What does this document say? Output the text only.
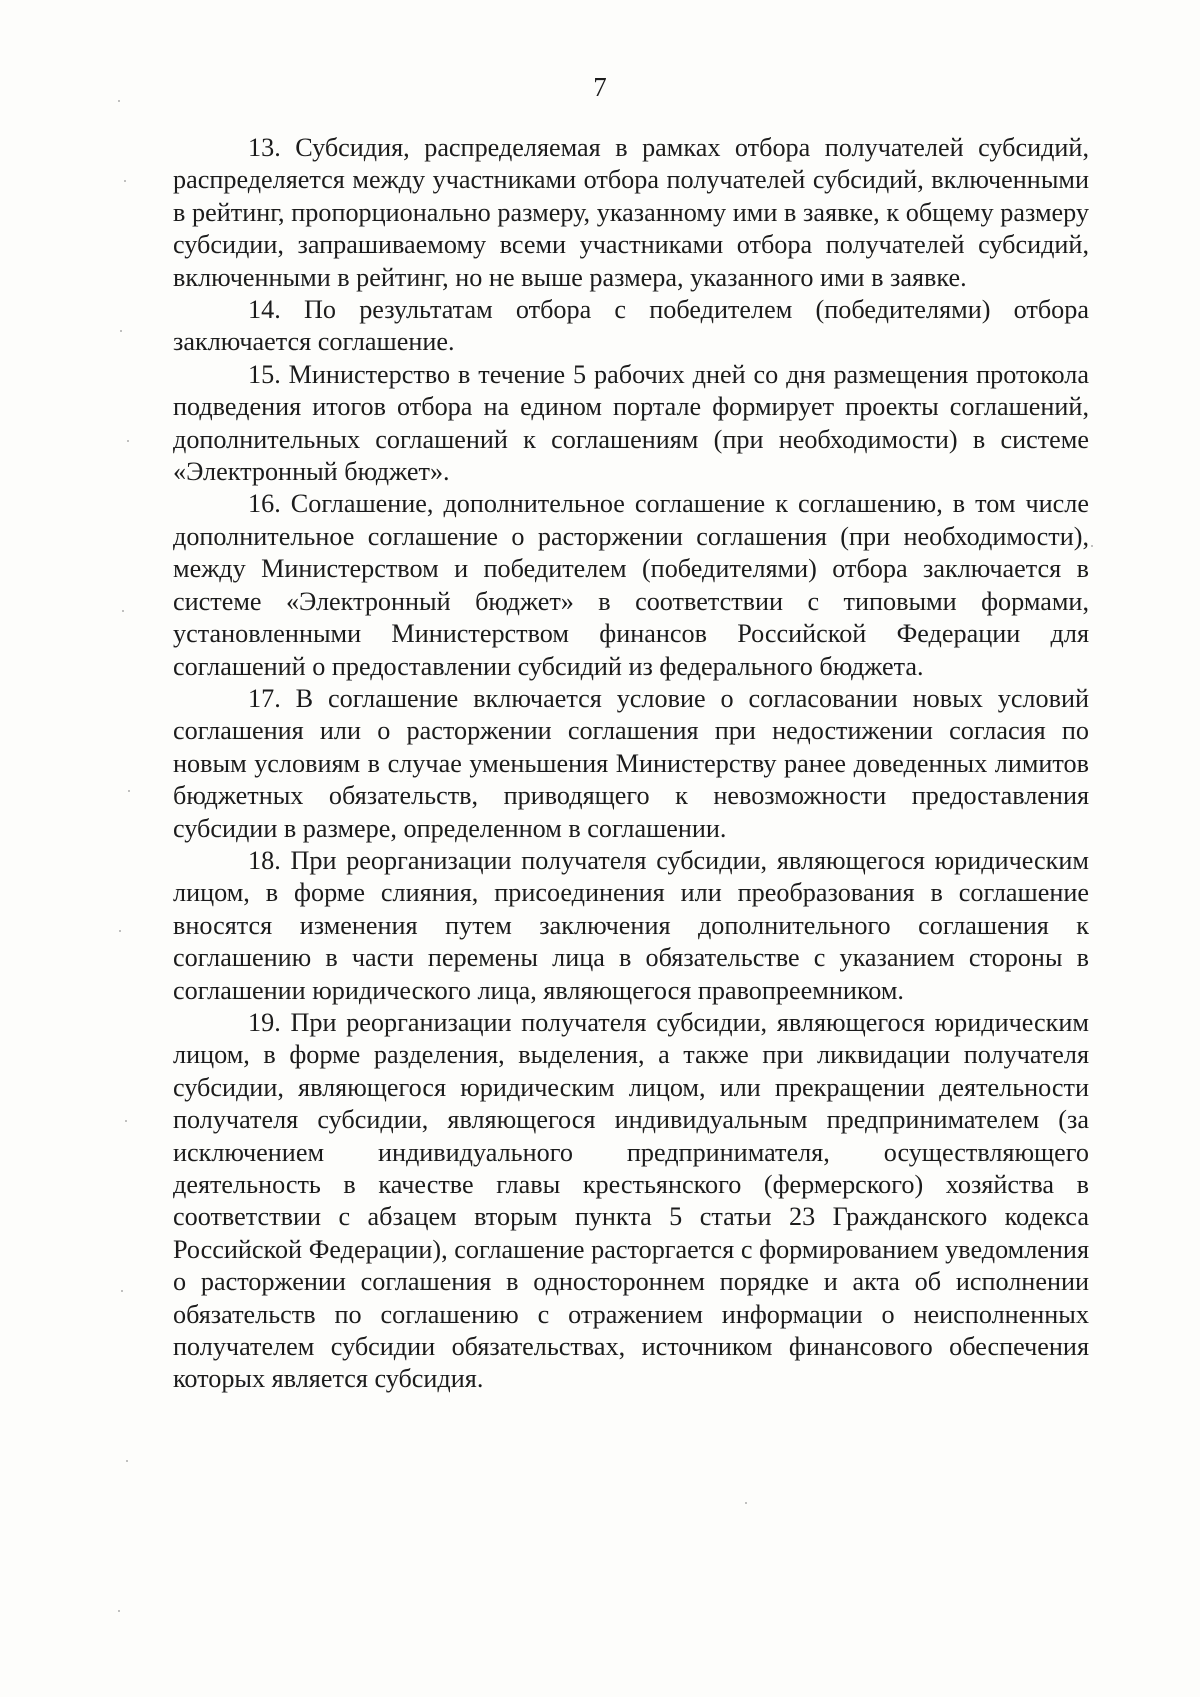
7

13. Субсидия, распределяемая в рамках отбора получателей субсидий, распределяется между участниками отбора получателей субсидий, включенными в рейтинг, пропорционально размеру, указанному ими в заявке, к общему размеру субсидии, запрашиваемому всеми участниками отбора получателей субсидий, включенными в рейтинг, но не выше размера, указанного ими в заявке.

14. По результатам отбора с победителем (победителями) отбора заключается соглашение.

15. Министерство в течение 5 рабочих дней со дня размещения протокола подведения итогов отбора на едином портале формирует проекты соглашений, дополнительных соглашений к соглашениям (при необходимости) в системе «Электронный бюджет».

16. Соглашение, дополнительное соглашение к соглашению, в том числе дополнительное соглашение о расторжении соглашения (при необходимости), между Министерством и победителем (победителями) отбора заключается в системе «Электронный бюджет» в соответствии с типовыми формами, установленными Министерством финансов Российской Федерации для соглашений о предоставлении субсидий из федерального бюджета.

17. В соглашение включается условие о согласовании новых условий соглашения или о расторжении соглашения при недостижении согласия по новым условиям в случае уменьшения Министерству ранее доведенных лимитов бюджетных обязательств, приводящего к невозможности предоставления субсидии в размере, определенном в соглашении.

18. При реорганизации получателя субсидии, являющегося юридическим лицом, в форме слияния, присоединения или преобразования в соглашение вносятся изменения путем заключения дополнительного соглашения к соглашению в части перемены лица в обязательстве с указанием стороны в соглашении юридического лица, являющегося правопреемником.

19. При реорганизации получателя субсидии, являющегося юридическим лицом, в форме разделения, выделения, а также при ликвидации получателя субсидии, являющегося юридическим лицом, или прекращении деятельности получателя субсидии, являющегося индивидуальным предпринимателем (за исключением индивидуального предпринимателя, осуществляющего деятельность в качестве главы крестьянского (фермерского) хозяйства в соответствии с абзацем вторым пункта 5 статьи 23 Гражданского кодекса Российской Федерации), соглашение расторгается с формированием уведомления о расторжении соглашения в одностороннем порядке и акта об исполнении обязательств по соглашению с отражением информации о неисполненных получателем субсидии обязательствах, источником финансового обеспечения которых является субсидия.
